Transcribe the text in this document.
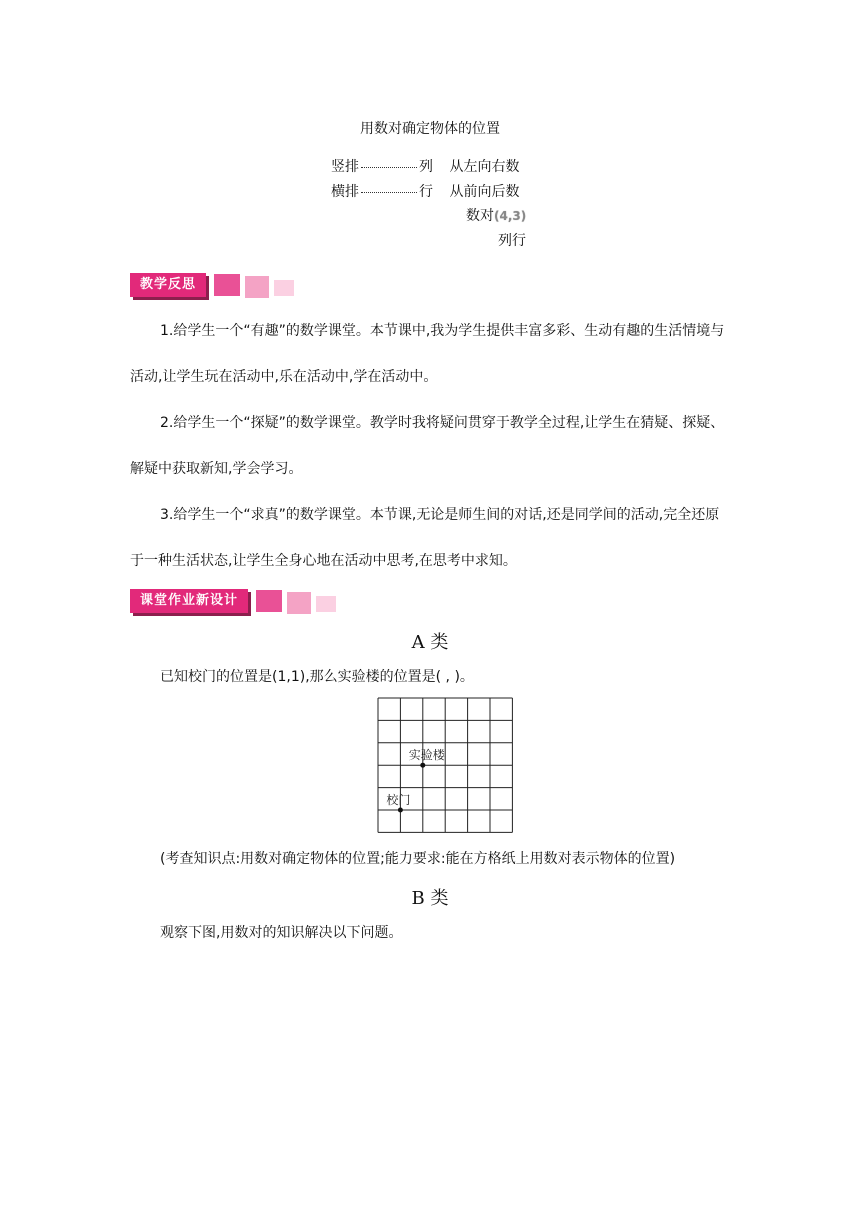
用数对确定物体的位置
竖排	列 从左向右数
横排	行 从前向后数
数对(4,3)
列行
教学反思

1.给学生一个“有趣”的数学课堂。本节课中,我为学生提供丰富多彩、生动有趣的生活情境与活动,让学生玩在活动中,乐在活动中,学在活动中。

2.给学生一个“探疑”的数学课堂。教学时我将疑问贯穿于教学全过程,让学生在猜疑、探疑、解疑中获取新知,学会学习。

3.给学生一个“求真”的数学课堂。本节课,无论是师生间的对话,还是同学间的活动,完全还原于一种生活状态,让学生全身心地在活动中思考,在思考中求知。

课堂作业新设计
A 类
已知校门的位置是(1,1),那么实验楼的位置是( , )。
实验楼
校门
(考查知识点:用数对确定物体的位置;能力要求:能在方格纸上用数对表示物体的位置)
B 类
观察下图,用数对的知识解决以下问题。
